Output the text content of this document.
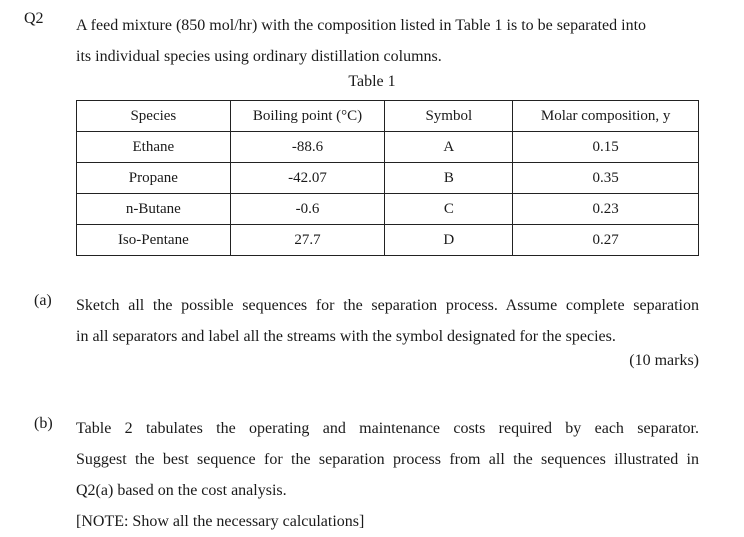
Q2 A feed mixture (850 mol/hr) with the composition listed in Table 1 is to be separated into
its individual species using ordinary distillation columns.
Table 1
Species	Boiling point (°C)	Symbol	Molar composition, y
Ethane	-88.6	A	0.15
Propane	-42.07	B	0.35
n-Butane	-0.6	C	0.23
Iso-Pentane	27.7	D	0.27
(a) Sketch all the possible sequences for the separation process. Assume complete separation
in all separators and label all the streams with the symbol designated for the species.
(10 marks)
(b) Table 2 tabulates the operating and maintenance costs required by each separator.
Suggest the best sequence for the separation process from all the sequences illustrated in
Q2(a) based on the cost analysis.
[NOTE: Show all the necessary calculations]
